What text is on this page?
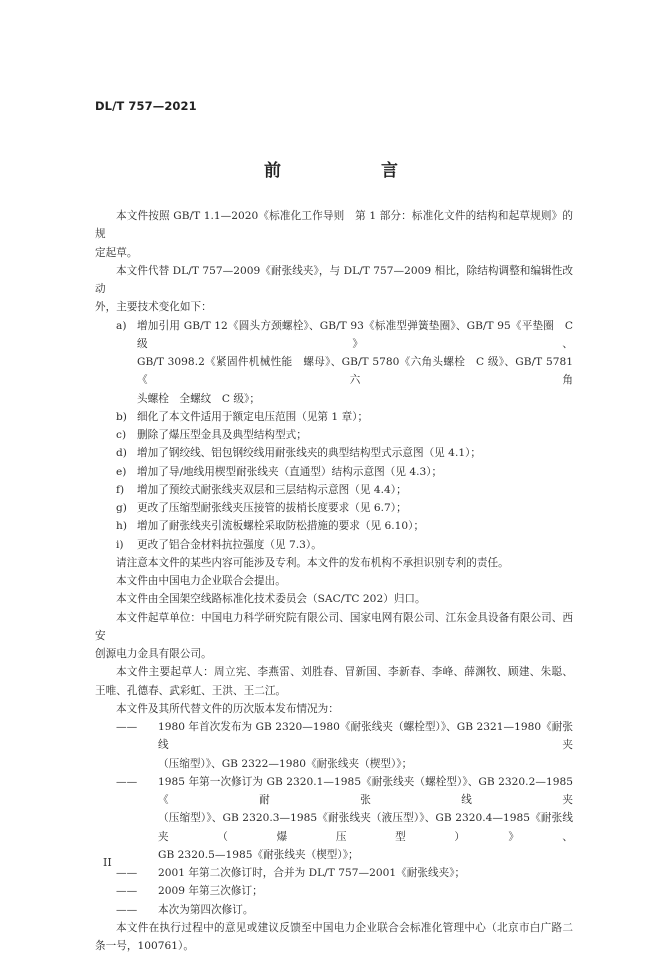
DL/T 757—2021
前　　言

本文件按照 GB/T 1.1—2020《标准化工作导则　第 1 部分：标准化文件的结构和起草规则》的规

定起草。

本文件代替 DL/T 757—2009《耐张线夹》，与 DL/T 757—2009 相比，除结构调整和编辑性改动

外，主要技术变化如下：

a) 增加引用 GB/T 12《圆头方颈螺栓》、GB/T 93《标准型弹簧垫圈》、GB/T 95《平垫圈　C 级》、

GB/T 3098.2《紧固件机械性能　螺母》、GB/T 5780《六角头螺栓　C 级》、GB/T 5781《六角

头螺栓　全螺纹　C 级》；

b) 细化了本文件适用于额定电压范围（见第 1 章）；
c)	删除了爆压型金具及典型结构型式；
d) 增加了钢绞线、铝包钢绞线用耐张线夹的典型结构型式示意图（见 4.1）；
e) 增加了导/地线用楔型耐张线夹（直通型）结构示意图（见 4.3）；
f)	增加了预绞式耐张线夹双层和三层结构示意图（见 4.4）；
g) 更改了压缩型耐张线夹压接管的拔梢长度要求（见 6.7）；
h) 增加了耐张线夹引流板螺栓采取防松措施的要求（见 6.10）；
i)	更改了铝合金材料抗拉强度（见 7.3）。

请注意本文件的某些内容可能涉及专利。本文件的发布机构不承担识别专利的责任。

本文件由中国电力企业联合会提出。

本文件由全国架空线路标准化技术委员会（SAC/TC 202）归口。

本文件起草单位：中国电力科学研究院有限公司、国家电网有限公司、江东金具设备有限公司、西安

创源电力金具有限公司。

本文件主要起草人：周立宪、李燕雷、刘胜春、冒新国、李新春、李峰、薛渊牧、顾建、朱聪、

王唯、孔德春、武彩虹、王洪、王二江。

本文件及其所代替文件的历次版本发布情况为：

——	1980 年首次发布为 GB 2320—1980《耐张线夹（螺栓型）》、GB 2321—1980《耐张线夹

（压缩型）》、GB 2322—1980《耐张线夹（楔型）》；

——	1985 年第一次修订为 GB 2320.1—1985《耐张线夹（螺栓型）》、GB 2320.2—1985《耐张线夹

（压缩型）》、GB 2320.3—1985《耐张线夹（液压型）》、GB 2320.4—1985《耐张线夹（爆压型）》、

GB 2320.5—1985《耐张线夹（楔型）》；

——	2001 年第二次修订时，合并为 DL/T 757—2001《耐张线夹》；
——	2009 年第三次修订；
——	本次为第四次修订。

本文件在执行过程中的意见或建议反馈至中国电力企业联合会标准化管理中心（北京市白广路二

条一号，100761）。

II
